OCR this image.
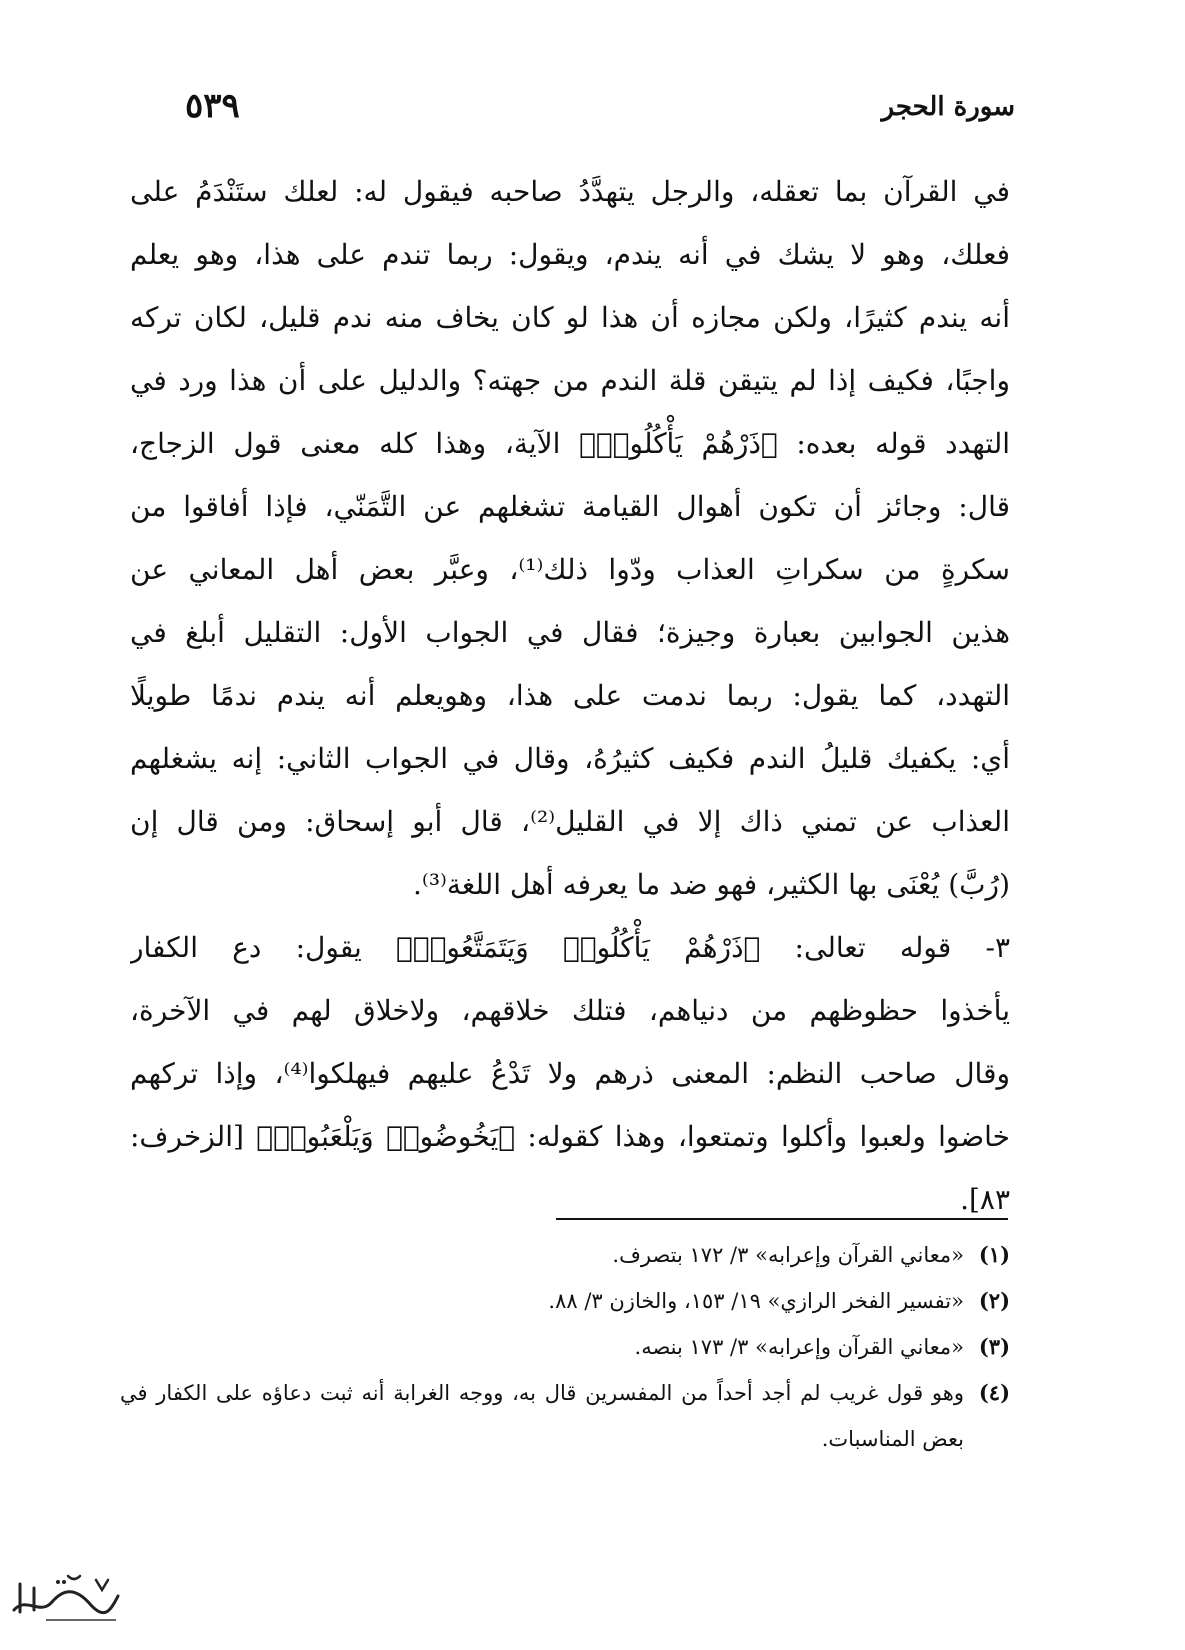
سورة الحجر
٥٣٩
في القرآن بما تعقله، والرجل يتهدَّدُ صاحبه فيقول له: لعلك ستَنْدَمُ على
فعلك، وهو لا يشك في أنه يندم، ويقول: ربما تندم على هذا، وهو يعلم
أنه يندم كثيرًا، ولكن مجازه أن هذا لو كان يخاف منه ندم قليل، لكان تركه
واجبًا، فكيف إذا لم يتيقن قلة الندم من جهته؟ والدليل على أن هذا ورد في
التهدد قوله بعده: ﴿ذَرْهُمْ يَأْكُلُوا۟﴾ الآية، وهذا كله معنى قول الزجاج،
قال: وجائز أن تكون أهوال القيامة تشغلهم عن التَّمَنّي، فإذا أفاقوا من
سكرةٍ من سكراتِ العذاب ودّوا ذلك⁽¹⁾، وعبَّر بعض أهل المعاني عن
هذين الجوابين بعبارة وجيزة؛ فقال في الجواب الأول: التقليل أبلغ في
التهدد، كما يقول: ربما ندمت على هذا، وهويعلم أنه يندم ندمًا طويلًا
أي: يكفيك قليلُ الندم فكيف كثيرُهُ، وقال في الجواب الثاني: إنه يشغلهم
العذاب عن تمني ذاك إلا في القليل⁽²⁾، قال أبو إسحاق: ومن قال إن
(رُبَّ) يُعْنَى بها الكثير، فهو ضد ما يعرفه أهل اللغة⁽³⁾.
٣- قوله تعالى: ﴿ذَرْهُمْ يَأْكُلُوا۟ وَيَتَمَتَّعُوا۟﴾ يقول: دع الكفار
يأخذوا حظوظهم من دنياهم، فتلك خلاقهم، ولاخلاق لهم في الآخرة،
وقال صاحب النظم: المعنى ذرهم ولا تَدْعُ عليهم فيهلكوا⁽⁴⁾، وإذا تركهم
خاضوا ولعبوا وأكلوا وتمتعوا، وهذا كقوله: ﴿يَخُوضُوا۟ وَيَلْعَبُوا۟﴾ [الزخرف:
٨٣].
(١)
«معاني القرآن وإعرابه» ٣/ ١٧٢ بتصرف.
(٢)
«تفسير الفخر الرازي» ١٩/ ١٥٣، والخازن ٣/ ٨٨.
(٣)
«معاني القرآن وإعرابه» ٣/ ١٧٣ بنصه.
(٤)
وهو قول غريب لم أجد أحداً من المفسرين قال به، ووجه الغرابة أنه ثبت دعاؤه على الكفار في بعض المناسبات.
